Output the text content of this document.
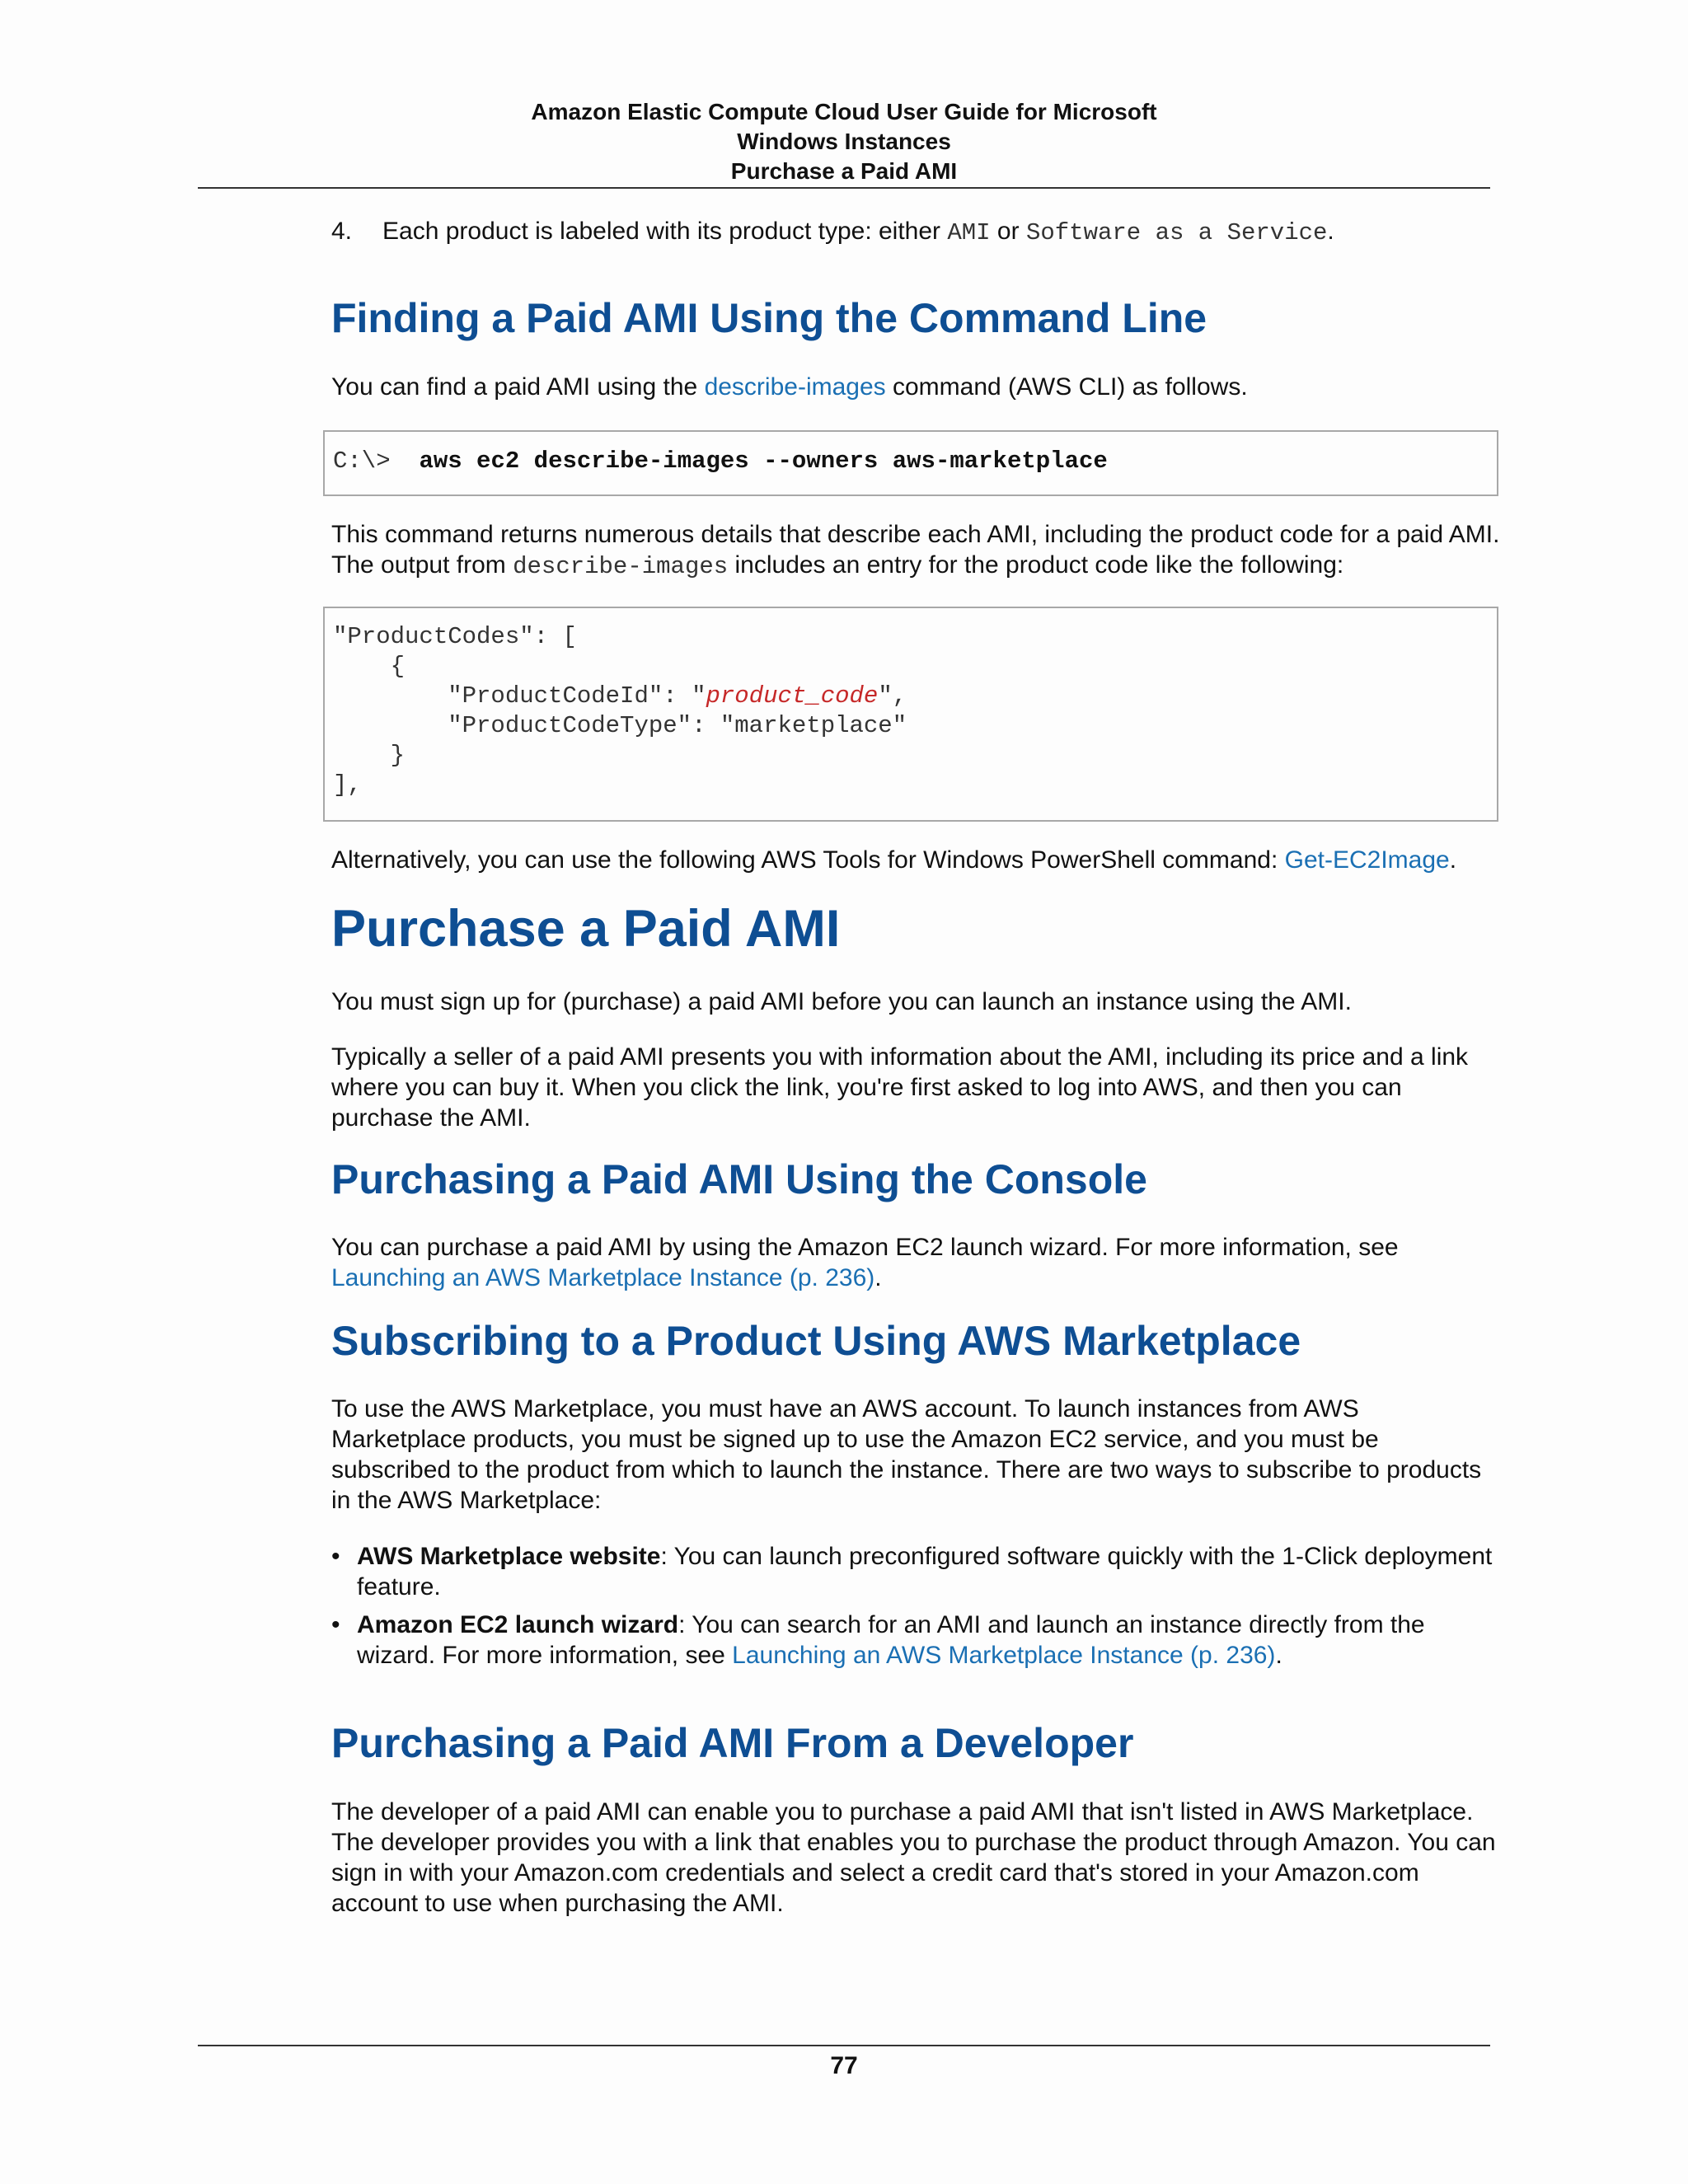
Amazon Elastic Compute Cloud User Guide for Microsoft
Windows Instances
Purchase a Paid AMI

4. Each product is labeled with its product type: either AMI or Software as a Service.

Finding a Paid AMI Using the Command Line

You can find a paid AMI using the describe-images command (AWS CLI) as follows.

C:\> aws ec2 describe-images --owners aws-marketplace

This command returns numerous details that describe each AMI, including the product code for a paid AMI. The output from describe-images includes an entry for the product code like the following:

"ProductCodes": [
{
"ProductCodeId": "product_code",
"ProductCodeType": "marketplace"
}
],

Alternatively, you can use the following AWS Tools for Windows PowerShell command: Get-EC2Image.

Purchase a Paid AMI

You must sign up for (purchase) a paid AMI before you can launch an instance using the AMI.

Typically a seller of a paid AMI presents you with information about the AMI, including its price and a link where you can buy it. When you click the link, you're first asked to log into AWS, and then you can purchase the AMI.

Purchasing a Paid AMI Using the Console

You can purchase a paid AMI by using the Amazon EC2 launch wizard. For more information, see Launching an AWS Marketplace Instance (p. 236).

Subscribing to a Product Using AWS Marketplace

To use the AWS Marketplace, you must have an AWS account. To launch instances from AWS Marketplace products, you must be signed up to use the Amazon EC2 service, and you must be subscribed to the product from which to launch the instance. There are two ways to subscribe to products in the AWS Marketplace:

• AWS Marketplace website: You can launch preconfigured software quickly with the 1-Click deployment feature.
• Amazon EC2 launch wizard: You can search for an AMI and launch an instance directly from the wizard. For more information, see Launching an AWS Marketplace Instance (p. 236).
Purchasing a Paid AMI From a Developer

The developer of a paid AMI can enable you to purchase a paid AMI that isn't listed in AWS Marketplace. The developer provides you with a link that enables you to purchase the product through Amazon. You can sign in with your Amazon.com credentials and select a credit card that's stored in your Amazon.com account to use when purchasing the AMI.

77
